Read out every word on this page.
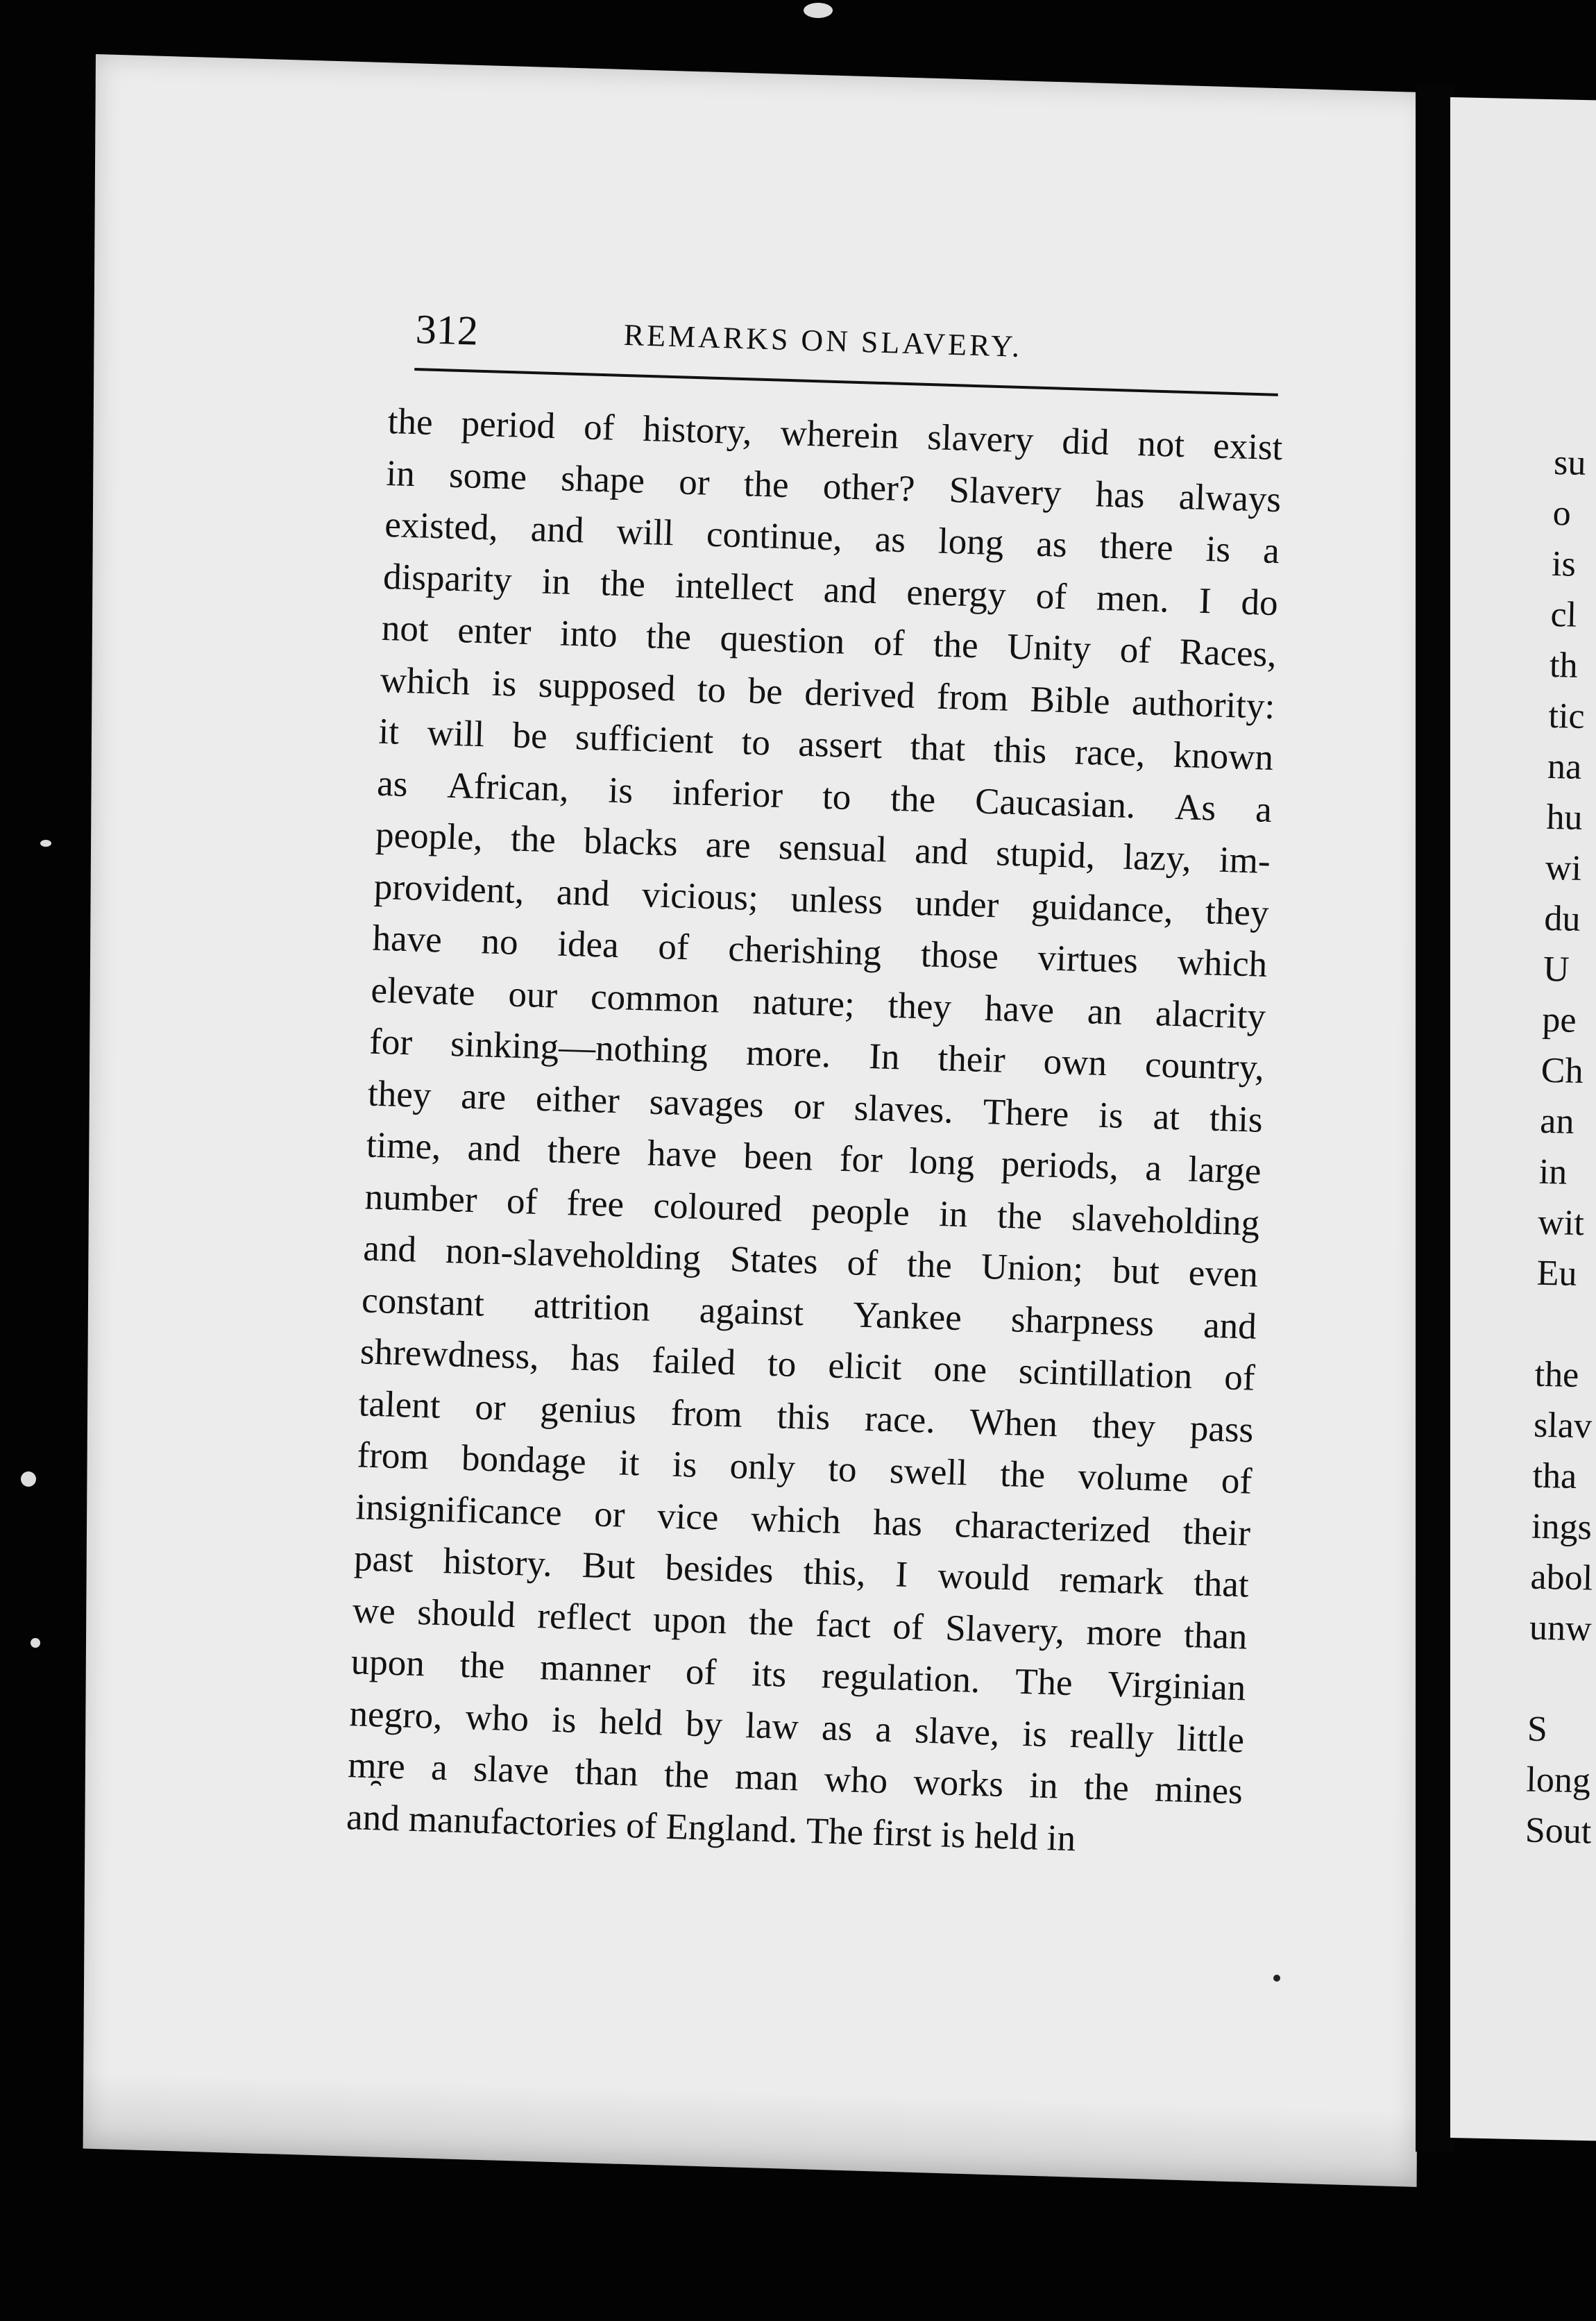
312	REMARKS ON SLAVERY.
the period of history, wherein slavery did not exist
in some shape or the other? Slavery has always
existed, and will continue, as long as there is a
disparity in the intellect and energy of men. I do
not enter into the question of the Unity of Races,
which is supposed to be derived from Bible authority:
it will be sufficient to assert that this race, known
as African, is inferior to the Caucasian. As a
people, the blacks are sensual and stupid, lazy, im-
provident, and vicious; unless under guidance, they
have no idea of cherishing those virtues which
elevate our common nature; they have an alacrity
for sinking—nothing more. In their own country,
they are either savages or slaves. There is at this
time, and there have been for long periods, a large
number of free coloured people in the slaveholding
and non-slaveholding States of the Union; but even
constant attrition against Yankee sharpness and
shrewdness, has failed to elicit one scintillation of
talent or genius from this race. When they pass
from bondage it is only to swell the volume of
insignificance or vice which has characterized their
past history. But besides this, I would remark that
we should reflect upon the fact of Slavery, more than
upon the manner of its regulation. The Virginian
negro, who is held by law as a slave, is really little
m̯re a slave than the man who works in the mines
and manufactories of England. The first is held in
su
o
is
cl
th
tic
na
hu
wi
du
U
pe
Ch
an
in
wit
Eu
the
slav
tha
ings
abol
unw
S
long
Sout
